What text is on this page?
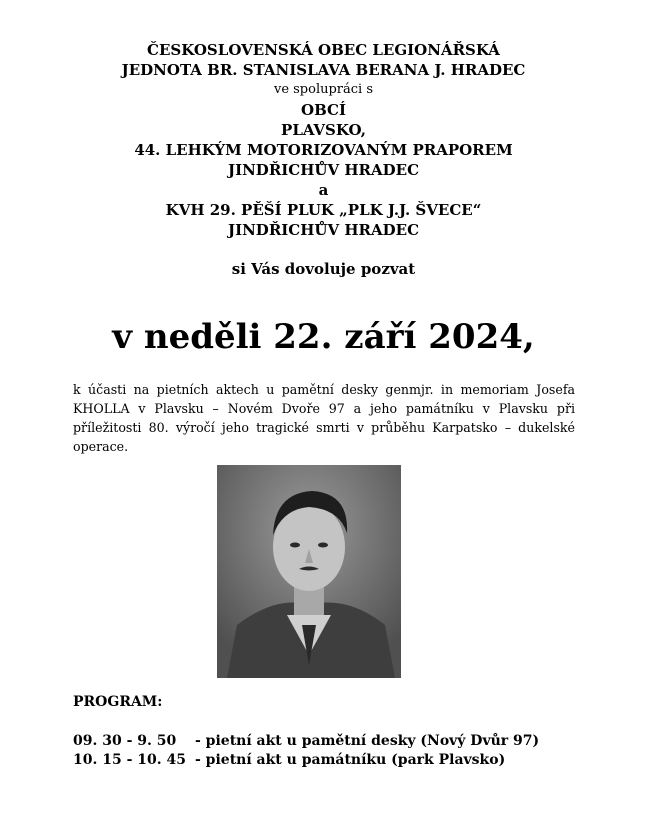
ČESKOSLOVENSKÁ OBEC LEGIONÁŘSKÁ
JEDNOTA BR. STANISLAVA BERANA J. HRADEC
ve spolupráci s
OBCÍ
PLAVSKO,
44. LEHKÝM MOTORIZOVANÝM PRAPOREM
JINDŘICHŮV HRADEC
a
KVH 29. PĚŠÍ PLUK „PLK J.J. ŠVECE“
JINDŘICHŮV HRADEC
si Vás dovoluje pozvat
v neděli 22. září 2024,
k účasti na pietních aktech u pamětní desky genmjr. in memoriam Josefa KHOLLA v Plavsku – Novém Dvoře 97 a jeho památníku v Plavsku při příležitosti 80. výročí jeho tragické smrti v průběhu Karpatsko – dukelské operace.
PROGRAM:
09. 30 - 9. 50 - pietní akt u pamětní desky (Nový Dvůr 97)
10. 15 - 10. 45 - pietní akt u památníku (park Plavsko)
